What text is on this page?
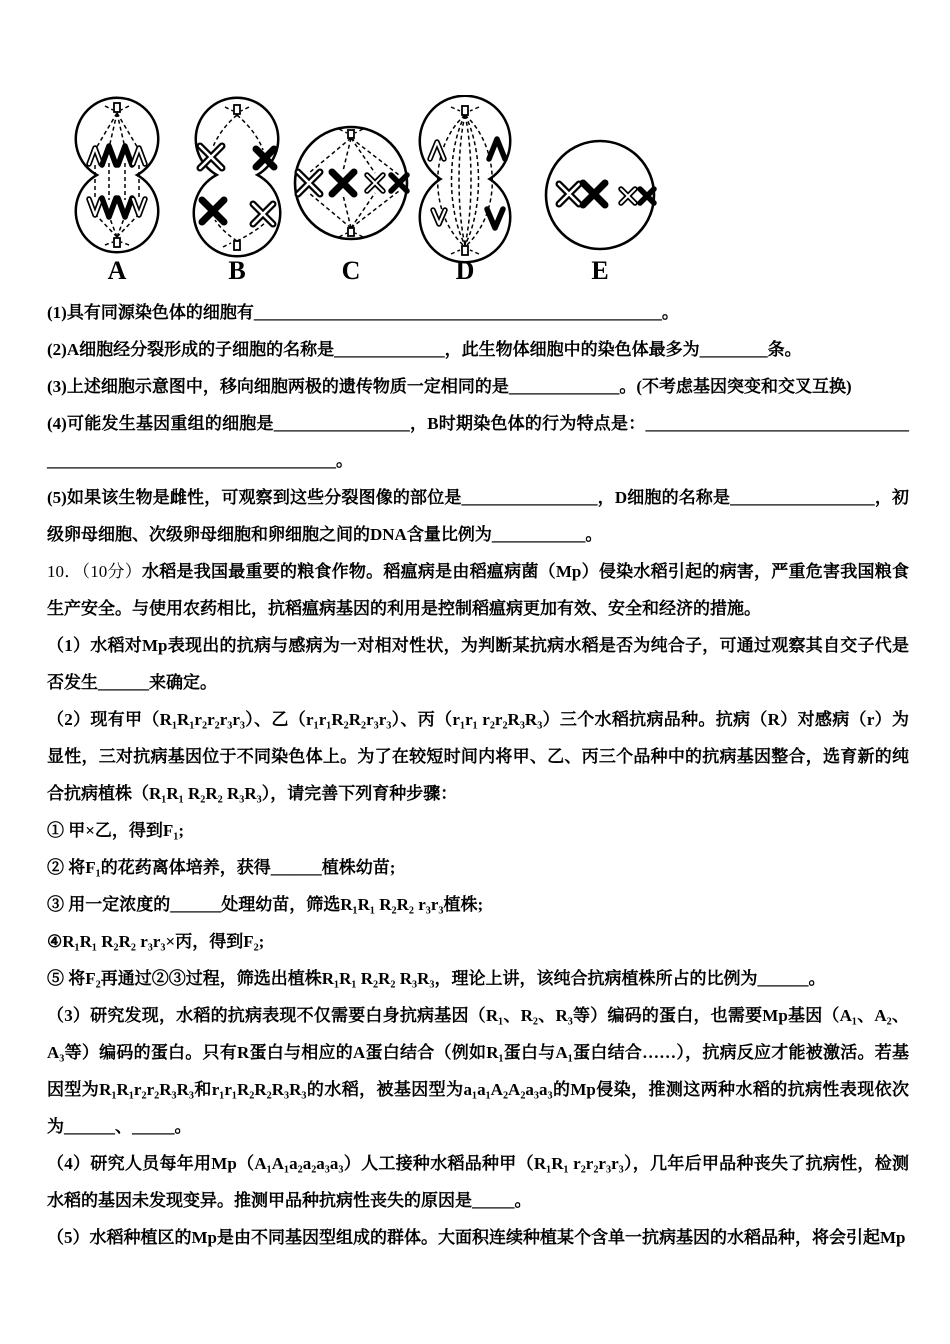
A	B	C	D	E

(1)具有同源染色体的细胞有________________________________________________。

(2)A细胞经分裂形成的子细胞的名称是_____________，此生物体细胞中的染色体最多为________条。

(3)上述细胞示意图中，移向细胞两极的遗传物质一定相同的是_____________。(不考虑基因突变和交叉互换)

(4)可能发生基因重组的细胞是________________，B时期染色体的行为特点是：_________________________________________________________________。

(5)如果该生物是雌性，可观察到这些分裂图像的部位是________________，D细胞的名称是_________________，初级卵母细胞、次级卵母细胞和卵细胞之间的DNA含量比例为___________。

10．（10分）水稻是我国最重要的粮食作物。稻瘟病是由稻瘟病菌（Mp）侵染水稻引起的病害，严重危害我国粮食生产安全。与使用农药相比，抗稻瘟病基因的利用是控制稻瘟病更加有效、安全和经济的措施。

（1）水稻对Mp表现出的抗病与感病为一对相对性状，为判断某抗病水稻是否为纯合子，可通过观察其自交子代是否发生______来确定。

（2）现有甲（R₁R₁r₂r₂r₃r₃）、乙（r₁r₁R₂R₂r₃r₃）、丙（r₁r₁ r₂r₂R₃R₃）三个水稻抗病品种。抗病（R）对感病（r）为显性，三对抗病基因位于不同染色体上。为了在较短时间内将甲、乙、丙三个品种中的抗病基因整合，选育新的纯合抗病植株（R₁R₁ R₂R₂ R₃R₃），请完善下列育种步骤：

① 甲×乙，得到F₁;

② 将F₁的花药离体培养，获得______植株幼苗;

③ 用一定浓度的______处理幼苗，筛选R₁R₁ R₂R₂ r₃r₃植株;

④R₁R₁ R₂R₂ r₃r₃×丙，得到F₂;

⑤ 将F₂再通过②③过程，筛选出植株R₁R₁ R₂R₂ R₃R₃，理论上讲，该纯合抗病植株所占的比例为______。

（3）研究发现，水稻的抗病表现不仅需要白身抗病基因（R₁、R₂、R₃等）编码的蛋白，也需要Mp基因（A₁、A₂、A₃等）编码的蛋白。只有R蛋白与相应的A蛋白结合（例如R₁蛋白与A₁蛋白结合……），抗病反应才能被激活。若基因型为R₁R₁r₂r₂R₃R₃和r₁r₁R₂R₂R₃R₃的水稻，被基因型为a₁a₁A₂A₂a₃a₃的Mp侵染，推测这两种水稻的抗病性表现依次为______、_____。

（4）研究人员每年用Mp（A₁A₁a₂a₂a₃a₃）人工接种水稻品种甲（R₁R₁ r₂r₂r₃r₃），几年后甲品种丧失了抗病性，检测水稻的基因未发现变异。推测甲品种抗病性丧失的原因是_____。

（5）水稻种植区的Mp是由不同基因型组成的群体。大面积连续种植某个含单一抗病基因的水稻品种，将会引起Mp
